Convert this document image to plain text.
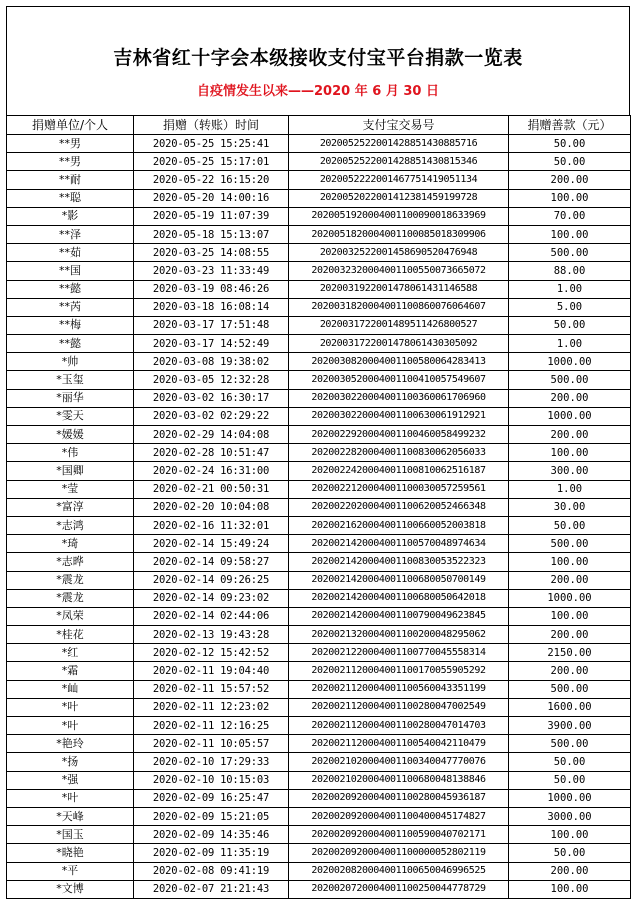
吉林省红十字会本级接收支付宝平台捐款一览表
自疫情发生以来——2020 年 6 月 30 日
捐赠单位/个人	捐赠（转账）时间	支付宝交易号	捐赠善款（元）
**男	2020-05-25 15:25:41	2020052522001428851430885716	50.00
**男	2020-05-25 15:17:01	2020052522001428851430815346	50.00
**耐	2020-05-22 16:15:20	2020052222001467751419051134	200.00
**聪	2020-05-20 14:00:16	2020052022001412381459199728	100.00
*影	2020-05-19 11:07:39	2020051920004001100090018633969	70.00
**泽	2020-05-18 15:13:07	2020051820004001100085018309906	100.00
**茹	2020-03-25 14:08:55	2020032522001458690520476948	500.00
**国	2020-03-23 11:33:49	2020032320004001100550073665072	88.00
**懿	2020-03-19 08:46:26	2020031922001478061431146588	1.00
**芮	2020-03-18 16:08:14	2020031820004001100860076064607	5.00
**梅	2020-03-17 17:51:48	2020031722001489511426800527	50.00
**懿	2020-03-17 14:52:49	2020031722001478061430305092	1.00
*帅	2020-03-08 19:38:02	2020030820004001100580064283413	1000.00
*玉玺	2020-03-05 12:32:28	2020030520004001100410057549607	500.00
*丽华	2020-03-02 16:30:17	2020030220004001100360061706960	200.00
*雯天	2020-03-02 02:29:22	2020030220004001100630061912921	1000.00
*媛媛	2020-02-29 14:04:08	2020022920004001100460058499232	200.00
*伟	2020-02-28 10:51:47	2020022820004001100830062056033	100.00
*国卿	2020-02-24 16:31:00	2020022420004001100810062516187	300.00
*莹	2020-02-21 00:50:31	2020022120004001100030057259561	1.00
*富淳	2020-02-20 10:04:08	2020022020004001100620052466348	30.00
*志鸿	2020-02-16 11:32:01	2020021620004001100660052003818	50.00
*琦	2020-02-14 15:49:24	2020021420004001100570048974634	500.00
*志晔	2020-02-14 09:58:27	2020021420004001100830053522323	100.00
*震龙	2020-02-14 09:26:25	2020021420004001100680050700149	200.00
*震龙	2020-02-14 09:23:02	2020021420004001100680050642018	1000.00
*凤荣	2020-02-14 02:44:06	2020021420004001100790049623845	100.00
*桂花	2020-02-13 19:43:28	2020021320004001100200048295062	200.00
*红	2020-02-12 15:42:52	2020021220004001100770045558314	2150.00
*霜	2020-02-11 19:04:40	2020021120004001100170055905292	200.00
*屾	2020-02-11 15:57:52	2020021120004001100560043351199	500.00
*叶	2020-02-11 12:23:02	2020021120004001100280047002549	1600.00
*叶	2020-02-11 12:16:25	2020021120004001100280047014703	3900.00
*艳玲	2020-02-11 10:05:57	2020021120004001100540042110479	500.00
*扬	2020-02-10 17:29:33	2020021020004001100340047770076	50.00
*强	2020-02-10 10:15:03	2020021020004001100680048138846	50.00
*叶	2020-02-09 16:25:47	2020020920004001100280045936187	1000.00
*天峰	2020-02-09 15:21:05	2020020920004001100400045174827	3000.00
*国玉	2020-02-09 14:35:46	2020020920004001100590040702171	100.00
*晓艳	2020-02-09 11:35:19	2020020920004001100000052802119	50.00
*平	2020-02-08 09:41:19	2020020820004001100650046996525	200.00
*文博	2020-02-07 21:21:43	2020020720004001100250044778729	100.00
